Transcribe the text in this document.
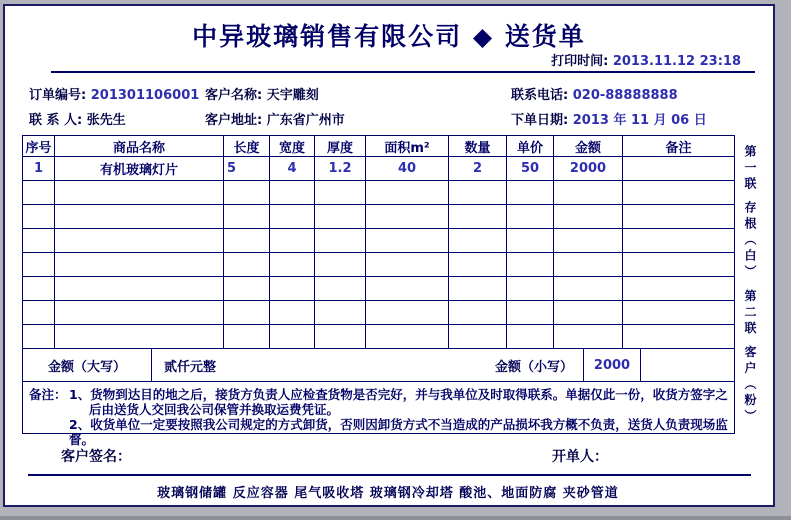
中异玻璃销售有限公司 ◆ 送货单
打印时间: 2013.11.12 23:18
订单编号: 201301106001 客户名称: 天宇雕刻	联系电话: 020-88888888
联 系 人: 张先生	客户地址: 广东省广州市	下单日期: 2013 年 11 月 06 日
序号	商品名称	长度	宽度	厚度	面积m²	数量	单价	金额	备注
1	有机玻璃灯片	5	4	1.2	40	2	50	2000
金额（大写）	贰仟元整	金额（小写）	2000
备注： 1、货物到达目的地之后，接货方负责人应检查货物是否完好，并与我单位及时取得联系。单据仅此一份，收货方签字之
后由送货人交回我公司保管并换取运费凭证。
2、收货单位一定要按照我公司规定的方式卸货，否则因卸货方式不当造成的产品损坏我方概不负责，送货人负责现场监督。
第一联 存根（白） 第二联 客户（粉）
客户签名：	开单人：
玻璃钢储罐 反应容器 尾气吸收塔 玻璃钢冷却塔 酸池、地面防腐 夹砂管道
